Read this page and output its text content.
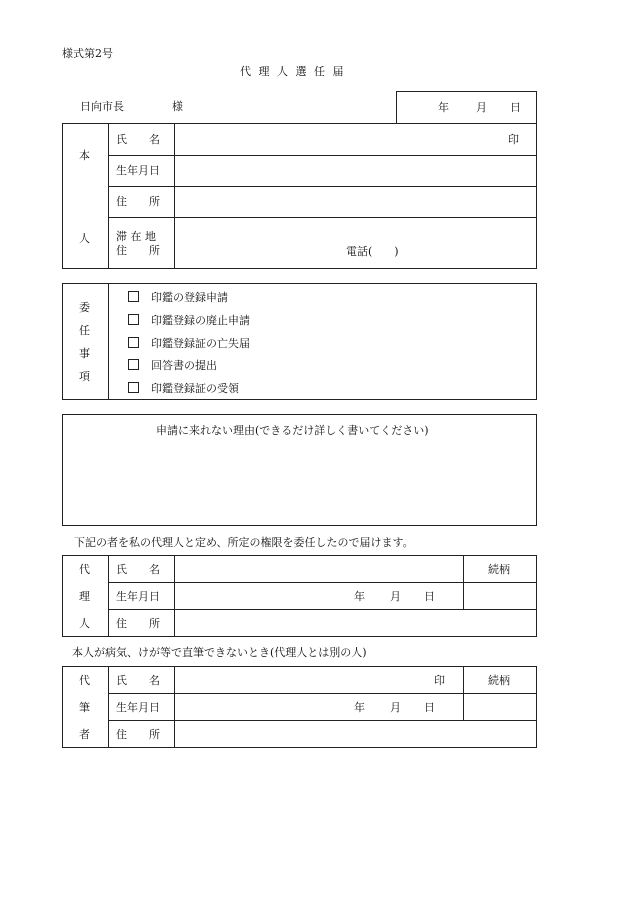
様式第2号
代 理 人 選 任 届
日向市長	様	年 月 日
本
人
氏　　名	印
生年月日
住　　所
滞 在 地
住　　所	電話(　　)
委
任
事
項
印鑑の登録申請
印鑑登録の廃止申請
印鑑登録証の亡失届
回答書の提出
印鑑登録証の受領
申請に来れない理由(できるだけ詳しく書いてください)
下記の者を私の代理人と定め、所定の権限を委任したので届けます。
代
理
人
氏　　名	続柄
生年月日	年 月 日
住　　所
本人が病気、けが等で直筆できないとき(代理人とは別の人)
代
筆
者
氏　　名	印	続柄
生年月日	年 月 日
住　　所
